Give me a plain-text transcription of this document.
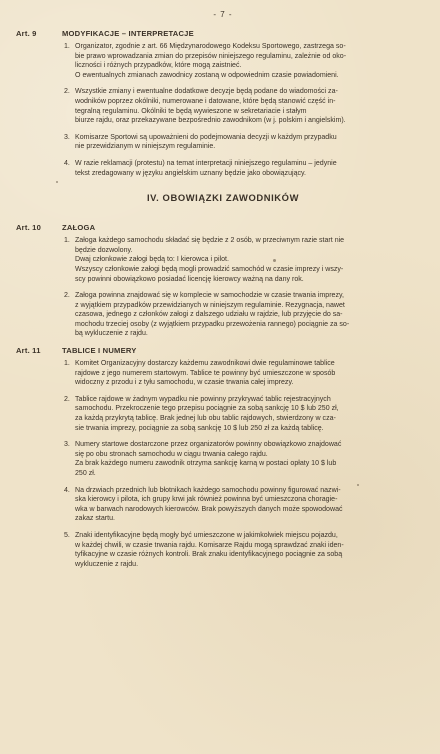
- 7 -
Art. 9	MODYFIKACJE – INTERPRETACJE
1. Organizator, zgodnie z art. 66 Międzynarodowego Kodeksu Sportowego, zastrzega so-
bie prawo wprowadzania zmian do przepisów niniejszego regulaminu, zależnie od oko-
liczności i różnych przypadków, które mogą zaistnieć.
O ewentualnych zmianach zawodnicy zostaną w odpowiednim czasie powiadomieni.
2. Wszystkie zmiany i ewentualne dodatkowe decyzje będą podane do wiadomości za-
wodników poprzez okólniki, numerowane i datowane, które będą stanowić część in-
tegralną regulaminu. Okólniki te będą wywieszone w sekretariacie i stałym
biurze rajdu, oraz przekazywane bezpośrednio zawodnikom (w j. polskim i angielskim).
3. Komisarze Sportowi są upoważnieni do podejmowania decyzji w każdym przypadku
nie przewidzianym w niniejszym regulaminie.
4. W razie reklamacji (protestu) na temat interpretacji niniejszego regulaminu – jedynie
tekst zredagowany w języku angielskim uznany będzie jako obowiązujący.
IV. OBOWIĄZKI ZAWODNIKÓW
Art. 10	ZAŁOGA
1. Załoga każdego samochodu składać się będzie z 2 osób, w przeciwnym razie start nie
będzie dozwolony.
Dwaj członkowie załogi będą to: I kierowca i pilot.
Wszyscy członkowie załogi będą mogli prowadzić samochód w czasie imprezy i wszy-
scy powinni obowiązkowo posiadać licencję kierowcy ważną na dany rok.
2. Załoga powinna znajdować się w komplecie w samochodzie w czasie trwania imprezy,
z wyjątkiem przypadków przewidzianych w niniejszym regulaminie. Rezygnacja, nawet
czasowa, jednego z członków załogi z dalszego udziału w rajdzie, lub przyjęcie do sa-
mochodu trzeciej osoby (z wyjątkiem przypadku przewożenia rannego) pociągnie za so-
bą wykluczenie z rajdu.
Art. 11	TABLICE I NUMERY
1. Komitet Organizacyjny dostarczy każdemu zawodnikowi dwie regulaminowe tablice
rajdowe z jego numerem startowym. Tablice te powinny być umieszczone w sposób
widoczny z przodu i z tyłu samochodu, w czasie trwania całej imprezy.
2. Tablice rajdowe w żadnym wypadku nie powinny przykrywać tablic rejestracyjnych
samochodu. Przekroczenie tego przepisu pociągnie za sobą sankcję 10 $ lub 250 zł,
za każdą przykrytą tablicę. Brak jednej lub obu tablic rajdowych, stwierdzony w cza-
sie trwania imprezy, pociągnie za sobą sankcję 10 $ lub 250 zł za każdą tablicę.
3. Numery startowe dostarczone przez organizatorów powinny obowiązkowo znajdować
się po obu stronach samochodu w ciągu trwania całego rajdu.
Za brak każdego numeru zawodnik otrzyma sankcję karną w postaci opłaty 10 $ lub
250 zł.
4. Na drzwiach przednich lub błotnikach każdego samochodu powinny figurować nazwi-
ska kierowcy i pilota, ich grupy krwi jak również powinna być umieszczona choragie-
wka w barwach narodowych kierowców. Brak powyższych danych może spowodować
zakaz startu.
5. Znaki identyfikacyjne będą mogły być umieszczone w jakimkolwiek miejscu pojazdu,
w każdej chwili, w czasie trwania rajdu. Komisarze Rajdu mogą sprawdzać znaki iden-
tyfikacyjne w czasie różnych kontroli. Brak znaku identyfikacyjnego pociągnie za sobą
wykluczenie z rajdu.
